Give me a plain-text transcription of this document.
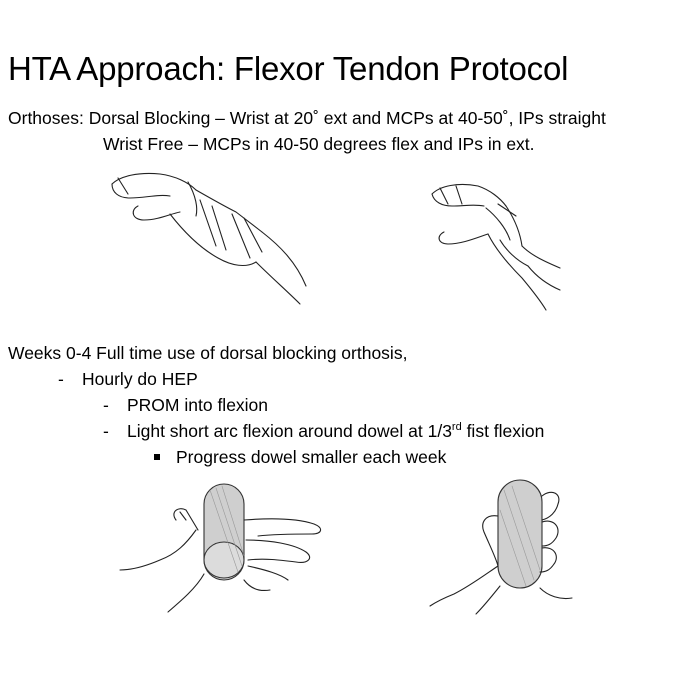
HTA Approach: Flexor Tendon Protocol
Orthoses: Dorsal Blocking – Wrist at 20˚ ext and MCPs at 40-50˚, IPs straight
Wrist Free – MCPs in 40-50 degrees flex and IPs in ext.
Weeks 0-4 Full time use of dorsal blocking orthosis,
- Hourly do HEP
- PROM into flexion
- Light short arc flexion around dowel at 1/3rd fist flexion
Progress dowel smaller each week
